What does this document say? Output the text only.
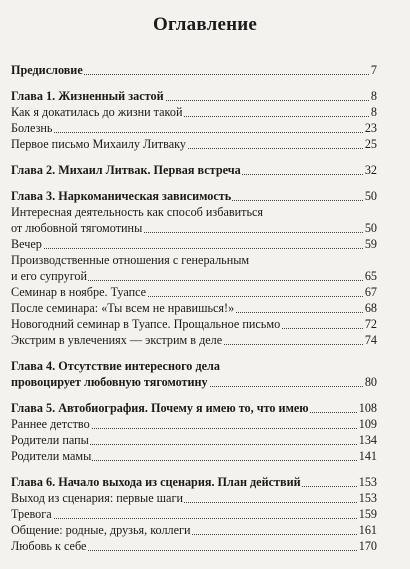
Оглавление
Предисловие	7
Глава 1. Жизненный застой	8
Как я докатилась до жизни такой	8
Болезнь	23
Первое письмо Михаилу Литваку	25
Глава 2. Михаил Литвак. Первая встреча	32
Глава 3. Наркоманическая зависимость	50
Интересная деятельность как способ избавиться
от любовной тягомотины	50
Вечер	59
Производственные отношения с генеральным
и его супругой	65
Семинар в ноябре. Туапсе	67
После семинара: «Ты всем не нравишься!»	68
Новогодний семинар в Туапсе. Прощальное письмо	72
Экстрим в увлечениях — экстрим в деле	74
Глава 4. Отсутствие интересного дела
провоцирует любовную тягомотину	80
Глава 5. Автобиография. Почему я имею то, что имею	108
Раннее детство	109
Родители папы	134
Родители мамы	141
Глава 6. Начало выхода из сценария. План действий	153
Выход из сценария: первые шаги	153
Тревога	159
Общение: родные, друзья, коллеги	161
Любовь к себе	170
